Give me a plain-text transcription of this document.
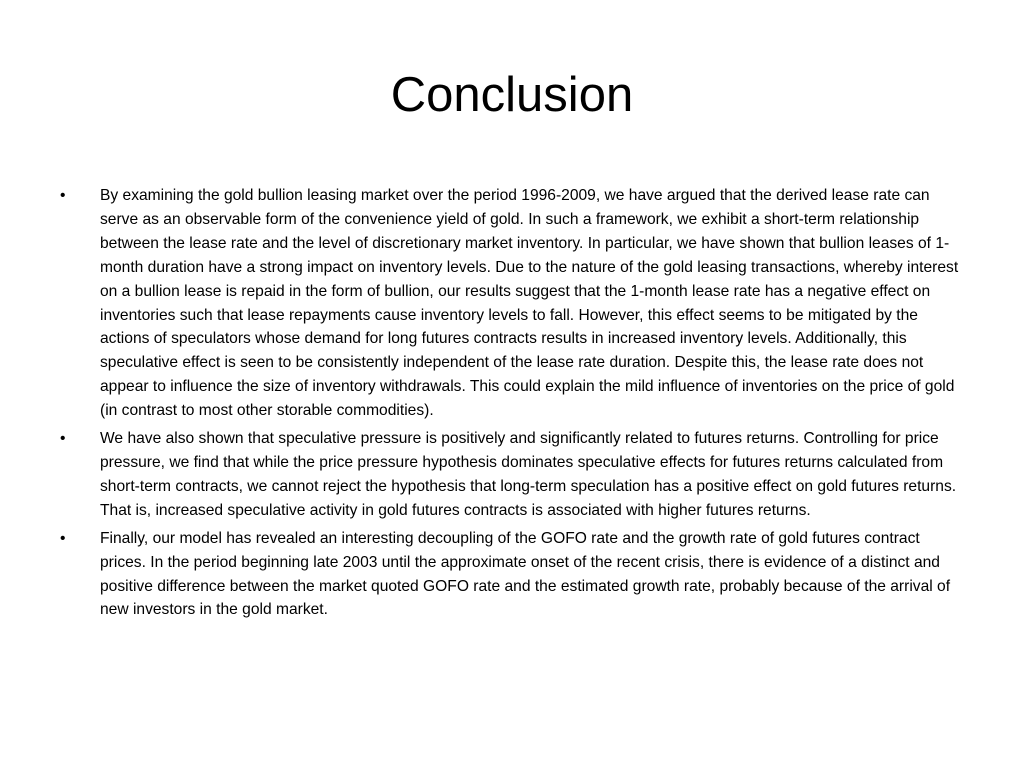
Conclusion
•	By examining the gold bullion leasing market over the period 1996-2009, we have argued that the derived lease rate can serve as an observable form of the convenience yield of gold. In such a framework, we exhibit a short-term relationship between the lease rate and the level of discretionary market inventory. In particular, we have shown that bullion leases of 1-month duration have a strong impact on inventory levels. Due to the nature of the gold leasing transactions, whereby interest on a bullion lease is repaid in the form of bullion, our results suggest that the 1-month lease rate has a negative effect on inventories such that lease repayments cause inventory levels to fall. However, this effect seems to be mitigated by the actions of speculators whose demand for long futures contracts results in increased inventory levels. Additionally, this speculative effect is seen to be consistently independent of the lease rate duration. Despite this, the lease rate does not appear to influence the size of inventory withdrawals. This could explain the mild influence of inventories on the price of gold (in contrast to most other storable commodities).
•	We have also shown that speculative pressure is positively and significantly related to futures returns. Controlling for price pressure, we find that while the price pressure hypothesis dominates speculative effects for futures returns calculated from short-term contracts, we cannot reject the hypothesis that long-term speculation has a positive effect on gold futures returns. That is, increased speculative activity in gold futures contracts is associated with higher futures returns.
•	Finally, our model has revealed an interesting decoupling of the GOFO rate and the growth rate of gold futures contract prices. In the period beginning late 2003 until the approximate onset of the recent crisis, there is evidence of a distinct and positive difference between the market quoted GOFO rate and the estimated growth rate, probably because of the arrival of new investors in the gold market.
